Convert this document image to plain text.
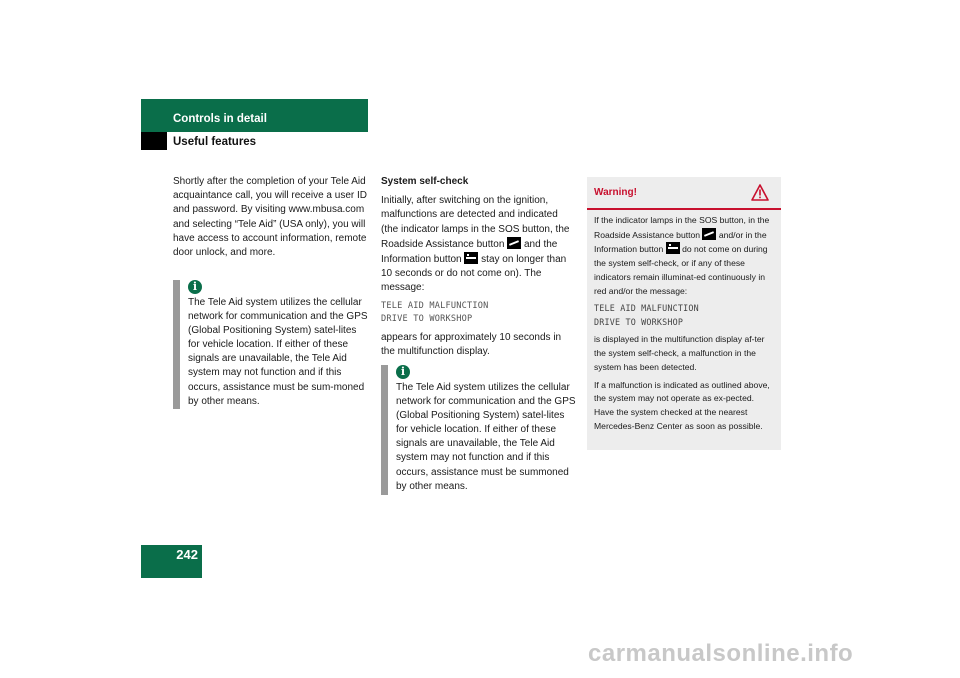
Controls in detail
Useful features

Shortly after the completion of your Tele Aid acquaintance call, you will receive a user ID and password. By visiting www.mbusa.com and selecting “Tele Aid” (USA only), you will have access to account information, remote door unlock, and more.

i

The Tele Aid system utilizes the cellular network for communication and the GPS (Global Positioning System) satel-lites for vehicle location. If either of these signals are unavailable, the Tele Aid system may not function and if this occurs, assistance must be sum-moned by other means.

System self-check

Initially, after switching on the ignition, malfunctions are detected and indicated (the indicator lamps in the SOS button, the Roadside Assistance button and the Information button stay on longer than 10 seconds or do not come on). The message:

TELE AID MALFUNCTION
DRIVE TO WORKSHOP

appears for approximately 10 seconds in the multifunction display.

i

The Tele Aid system utilizes the cellular network for communication and the GPS (Global Positioning System) satel-lites for vehicle location. If either of these signals are unavailable, the Tele Aid system may not function and if this occurs, assistance must be summoned by other means.

Warning!

If the indicator lamps in the SOS button, in the Roadside Assistance button and/or in the Information button do not come on during the system self-check, or if any of these indicators remain illuminat-ed continuously in red and/or the message:

TELE AID MALFUNCTION
DRIVE TO WORKSHOP

is displayed in the multifunction display af-ter the system self-check, a malfunction in the system has been detected.

If a malfunction is indicated as outlined above, the system may not operate as ex-pected. Have the system checked at the nearest Mercedes-Benz Center as soon as possible.

242
carmanualsonline.info
